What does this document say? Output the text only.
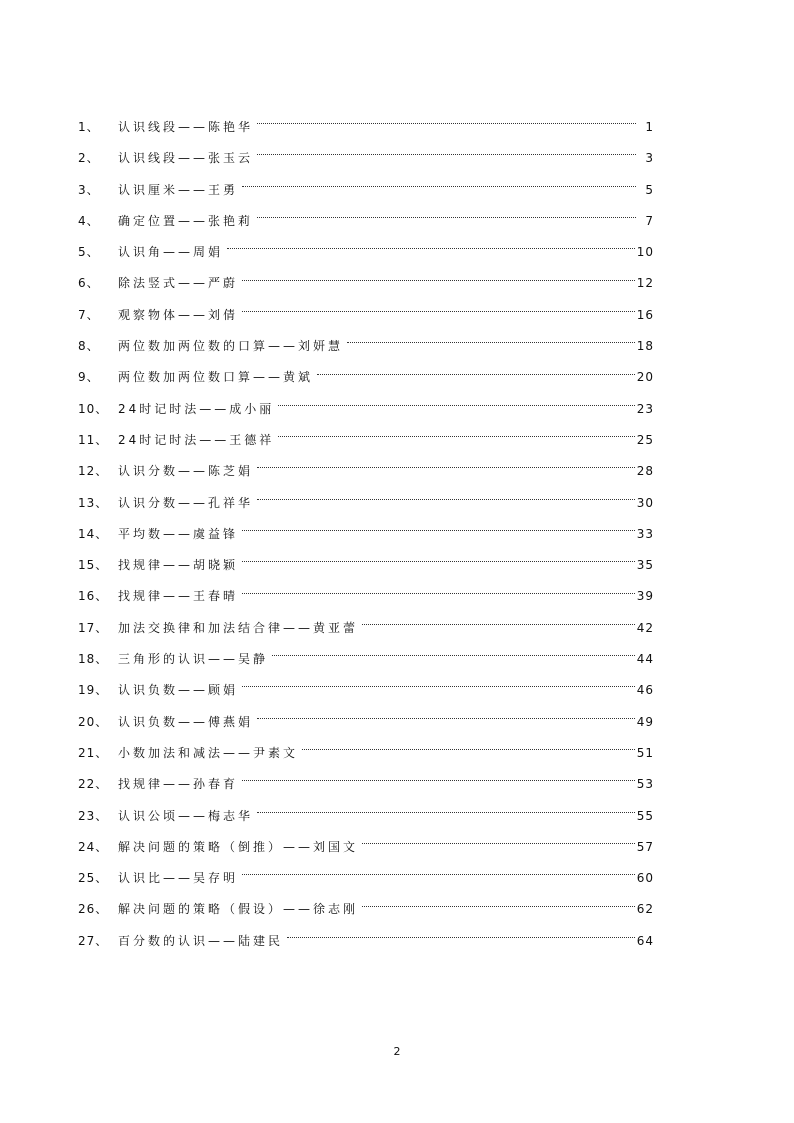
1、	认识线段——陈艳华	1
2、	认识线段——张玉云	3
3、	认识厘米——王勇	5
4、	确定位置——张艳莉	7
5、	认识角——周娟	10
6、	除法竖式——严蔚	12
7、	观察物体——刘倩	16
8、	两位数加两位数的口算——刘妍慧	18
9、	两位数加两位数口算——黄斌	20
10、 24时记时法——成小丽	23
11、 24时记时法——王德祥	25
12、 认识分数——陈芝娟	28
13、 认识分数——孔祥华	30
14、 平均数——虞益锋	33
15、 找规律——胡晓颖	35
16、 找规律——王春晴	39
17、 加法交换律和加法结合律——黄亚蕾	42
18、 三角形的认识——吴静	44
19、 认识负数——顾娟	46
20、 认识负数——傅燕娟	49
21、 小数加法和减法——尹素文	51
22、 找规律——孙春育	53
23、 认识公顷——梅志华	55
24、 解决问题的策略（倒推）——刘国文	57
25、 认识比——吴存明	60
26、 解决问题的策略（假设）——徐志刚	62
27、 百分数的认识——陆建民	64
2
